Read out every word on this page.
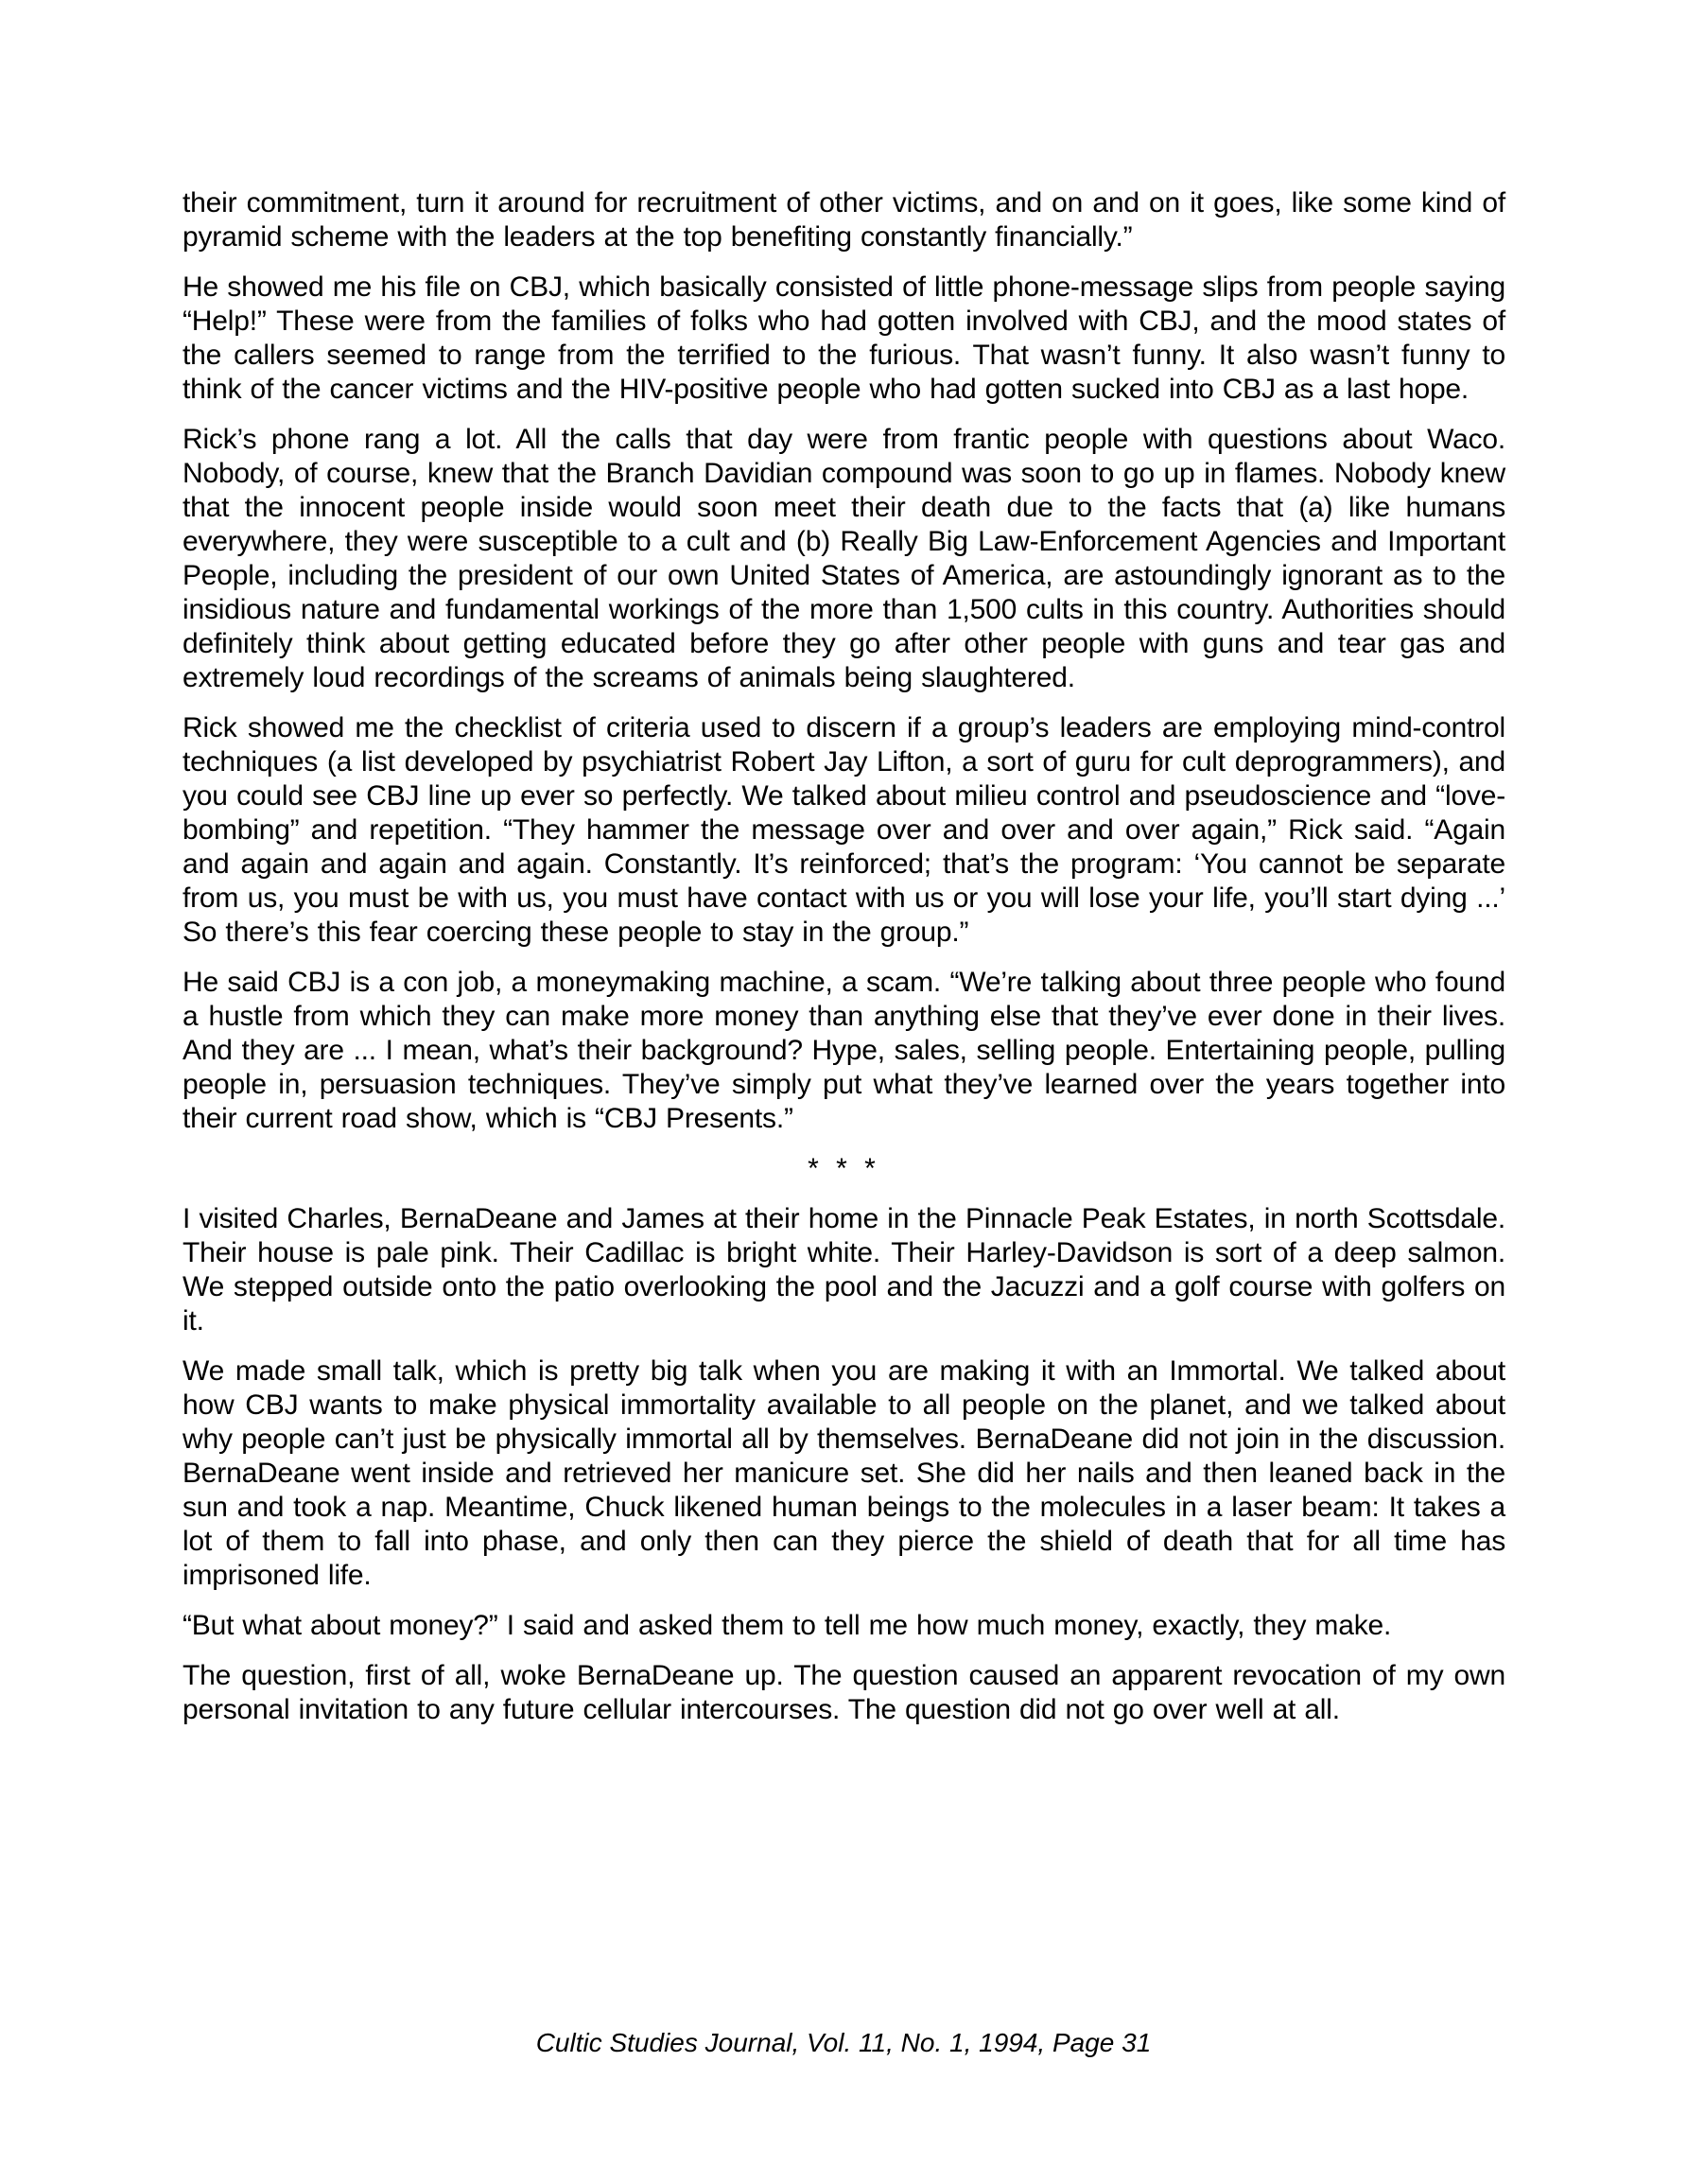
their commitment, turn it around for recruitment of other victims, and on and on it goes, like some kind of pyramid scheme with the leaders at the top benefiting constantly financially.”

He showed me his file on CBJ, which basically consisted of little phone-message slips from people saying “Help!” These were from the families of folks who had gotten involved with CBJ, and the mood states of the callers seemed to range from the terrified to the furious. That wasn’t funny. It also wasn’t funny to think of the cancer victims and the HIV-positive people who had gotten sucked into CBJ as a last hope.

Rick’s phone rang a lot. All the calls that day were from frantic people with questions about Waco. Nobody, of course, knew that the Branch Davidian compound was soon to go up in flames. Nobody knew that the innocent people inside would soon meet their death due to the facts that (a) like humans everywhere, they were susceptible to a cult and (b) Really Big Law-Enforcement Agencies and Important People, including the president of our own United States of America, are astoundingly ignorant as to the insidious nature and fundamental workings of the more than 1,500 cults in this country. Authorities should definitely think about getting educated before they go after other people with guns and tear gas and extremely loud recordings of the screams of animals being slaughtered.

Rick showed me the checklist of criteria used to discern if a group’s leaders are employing mind-control techniques (a list developed by psychiatrist Robert Jay Lifton, a sort of guru for cult deprogrammers), and you could see CBJ line up ever so perfectly. We talked about milieu control and pseudoscience and “love-bombing” and repetition. “They hammer the message over and over and over again,” Rick said. “Again and again and again and again. Constantly. It’s reinforced; that’s the program: ‘You cannot be separate from us, you must be with us, you must have contact with us or you will lose your life, you’ll start dying ...’ So there’s this fear coercing these people to stay in the group.”

He said CBJ is a con job, a moneymaking machine, a scam. “We’re talking about three people who found a hustle from which they can make more money than anything else that they’ve ever done in their lives. And they are ... I mean, what’s their background? Hype, sales, selling people. Entertaining people, pulling people in, persuasion techniques. They’ve simply put what they’ve learned over the years together into their current road show, which is “CBJ Presents.”

* * *

I visited Charles, BernaDeane and James at their home in the Pinnacle Peak Estates, in north Scottsdale. Their house is pale pink. Their Cadillac is bright white. Their Harley-Davidson is sort of a deep salmon. We stepped outside onto the patio overlooking the pool and the Jacuzzi and a golf course with golfers on it.

We made small talk, which is pretty big talk when you are making it with an Immortal. We talked about how CBJ wants to make physical immortality available to all people on the planet, and we talked about why people can’t just be physically immortal all by themselves. BernaDeane did not join in the discussion. BernaDeane went inside and retrieved her manicure set. She did her nails and then leaned back in the sun and took a nap. Meantime, Chuck likened human beings to the molecules in a laser beam: It takes a lot of them to fall into phase, and only then can they pierce the shield of death that for all time has imprisoned life.

“But what about money?” I said and asked them to tell me how much money, exactly, they make.

The question, first of all, woke BernaDeane up. The question caused an apparent revocation of my own personal invitation to any future cellular intercourses. The question did not go over well at all.

Cultic Studies Journal, Vol. 11, No. 1, 1994, Page 31
